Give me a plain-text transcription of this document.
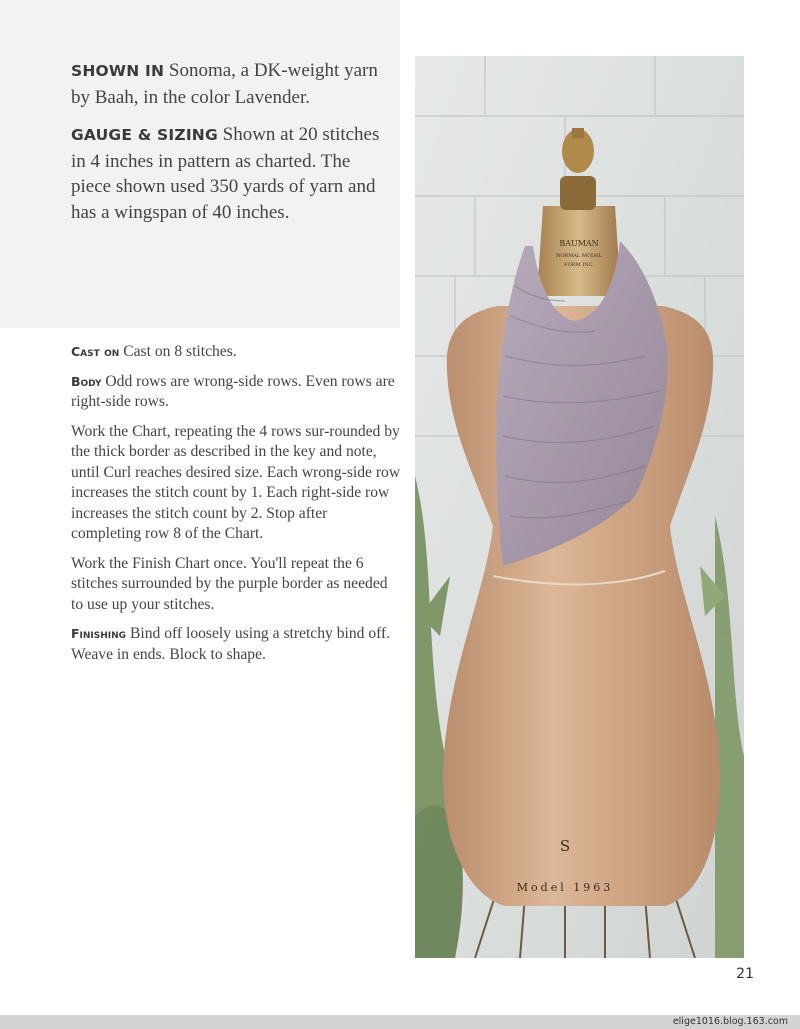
SHOWN IN Sonoma, a DK-weight yarn by Baah, in the color Lavender.

GAUGE & SIZING Shown at 20 stitches in 4 inches in pattern as charted. The piece shown used 350 yards of yarn and has a wingspan of 40 inches.

Cast on Cast on 8 stitches.

Body Odd rows are wrong-side rows. Even rows are right-side rows.

Work the Chart, repeating the 4 rows sur-rounded by the thick border as described in the key and note, until Curl reaches desired size. Each wrong-side row increases the stitch count by 1. Each right-side row increases the stitch count by 2. Stop after completing row 8 of the Chart.

Work the Finish Chart once. You'll repeat the 6 stitches surrounded by the purple border as needed to use up your stitches.

Finishing Bind off loosely using a stretchy bind off. Weave in ends. Block to shape.

BAUMAN
NORMAL MODEL
FORM INC.
S
Model 1963
21
elige1016.blog.163.com
